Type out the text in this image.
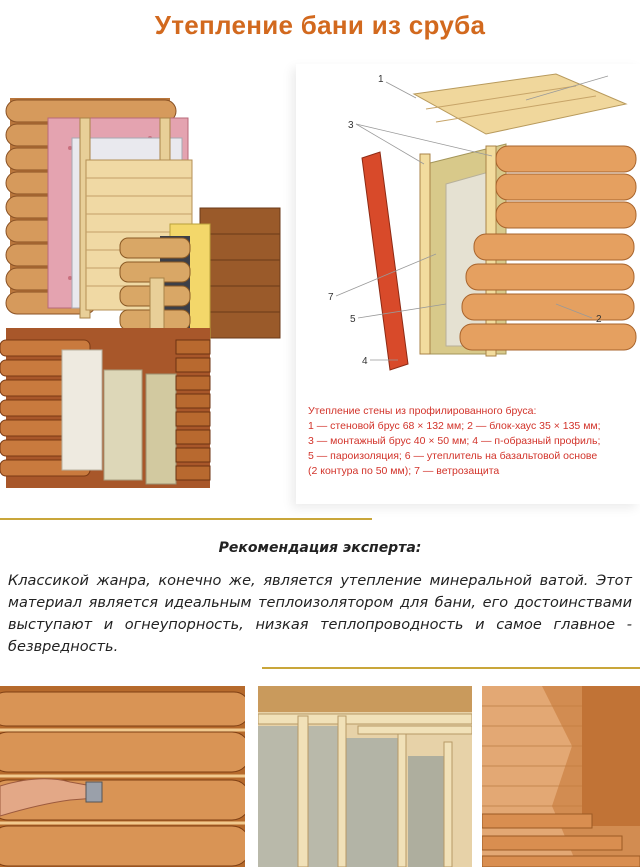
Утепление бани из сруба
1
2
3
4
5
7
Утепление стены из профилированного бруса:
1 — стеновой брус 68 × 132 мм; 2 — блок-хаус 35 × 135 мм;
3 — монтажный брус 40 × 50 мм; 4 — п-образный профиль;
5 — пароизоляция; 6 — утеплитель на базальтовой основе
(2 контура по 50 мм); 7 — ветрозащита
Рекомендация эксперта:
Классикой жанра, конечно же, является утепление минеральной ватой. Этот материал является идеальным теплоизолятором для бани, его достоинствами выступают и огнеупорность, низкая теплопроводность и самое главное - безвредность.
